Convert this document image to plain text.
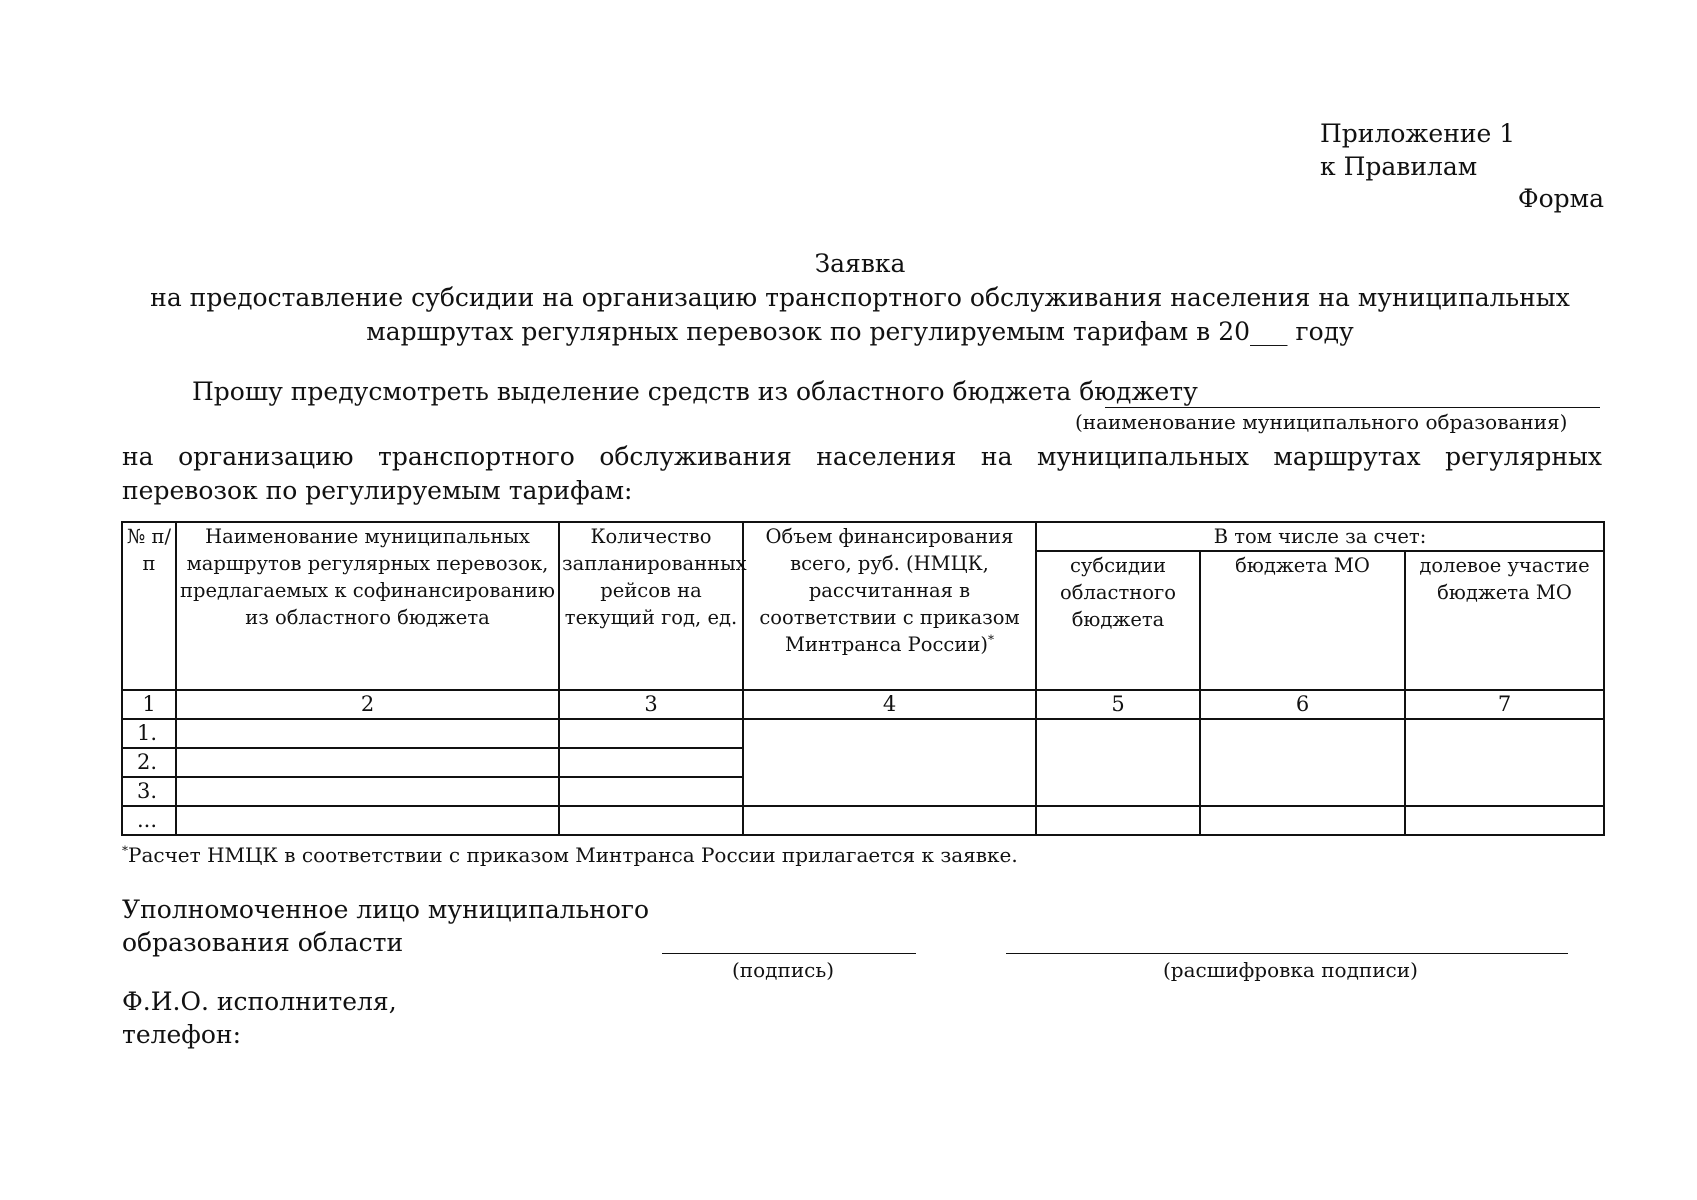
Приложение 1
к Правилам
Форма
Заявка
на предоставление субсидии на организацию транспортного обслуживания населения на муниципальных
маршрутах регулярных перевозок по регулируемым тарифам в 20___ году
Прошу предусмотреть выделение средств из областного бюджета бюджету
(наименование муниципального образования)
на организацию транспортного обслуживания населения на муниципальных маршрутах регулярных перевозок по регулируемым тарифам:
№ п/п	Наименование муниципальных маршрутов регулярных перевозок, предлагаемых к софинансированию из областного бюджета	Количество запланированных рейсов на текущий год, ед.	Объем финансирования всего, руб. (НМЦК, рассчитанная в соответствии с приказом Минтранса России)*	В том числе за счет:		
				субсидии областного бюджета	бюджета МО	долевое участие бюджета МО
1	2	3	4	5	6	7
1.						
2.						
3.						
...						
*Расчет НМЦК в соответствии с приказом Минтранса России прилагается к заявке.
Уполномоченное лицо муниципального
образования области
(подпись)	(расшифровка подписи)
Ф.И.О. исполнителя,
телефон:
